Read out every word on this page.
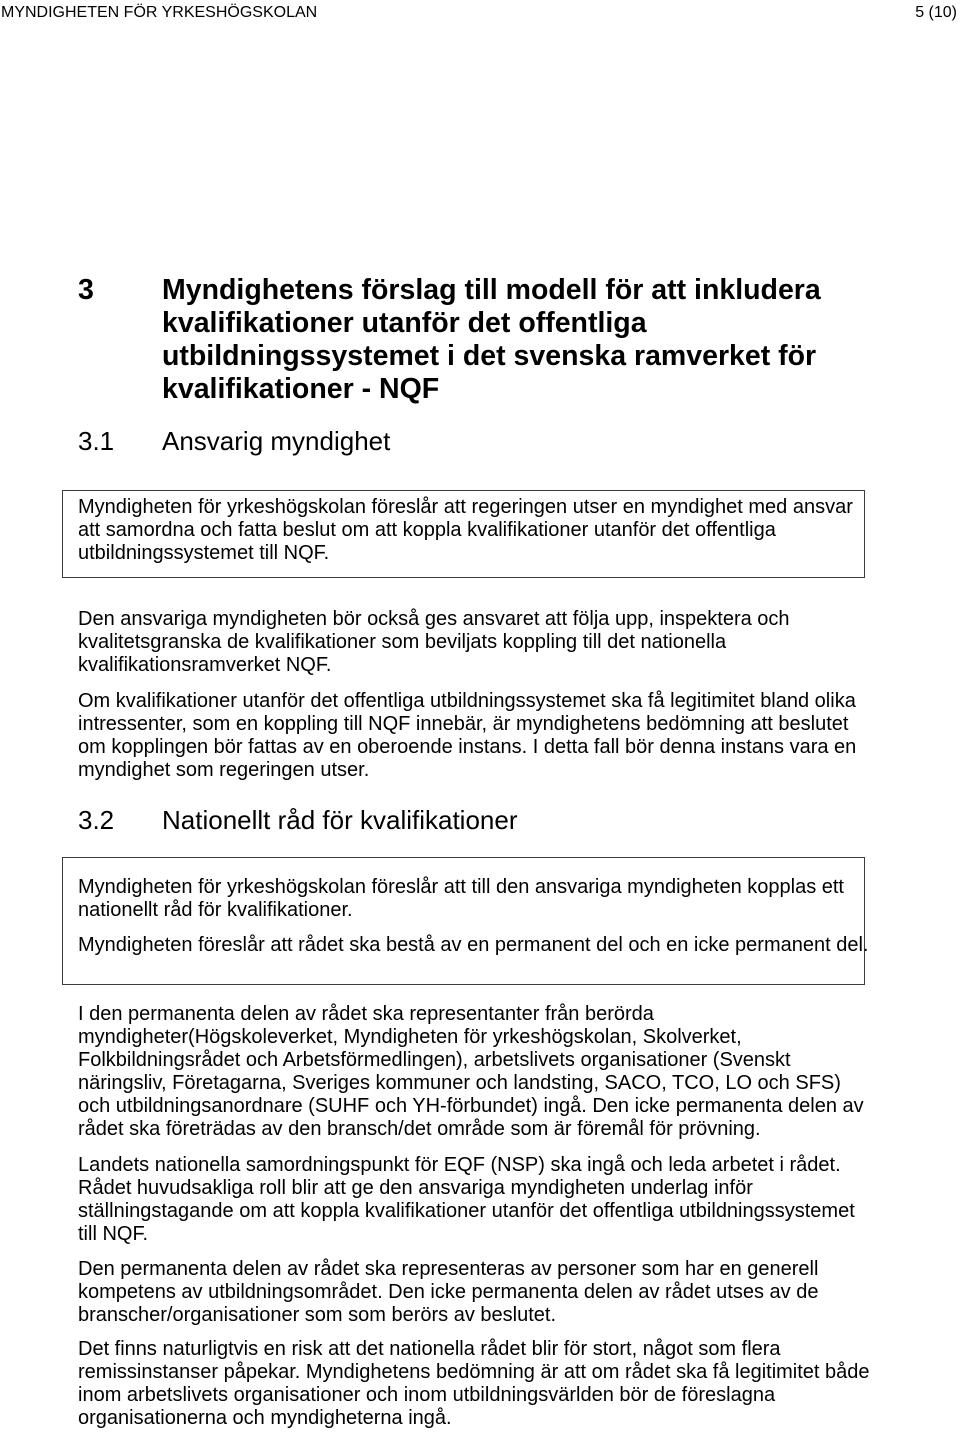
MYNDIGHETEN FÖR YRKESHÖGSKOLAN	5 (10)
3 Myndighetens förslag till modell för att inkludera
kvalifikationer utanför det offentliga
utbildningssystemet i det svenska ramverket för
kvalifikationer - NQF
3.1 Ansvarig myndighet
Myndigheten för yrkeshögskolan föreslår att regeringen utser en myndighet med ansvar
att samordna och fatta beslut om att koppla kvalifikationer utanför det offentliga
utbildningssystemet till NQF.
Den ansvariga myndigheten bör också ges ansvaret att följa upp, inspektera och
kvalitetsgranska de kvalifikationer som beviljats koppling till det nationella
kvalifikationsramverket NQF.
Om kvalifikationer utanför det offentliga utbildningssystemet ska få legitimitet bland olika
intressenter, som en koppling till NQF innebär, är myndighetens bedömning att beslutet
om kopplingen bör fattas av en oberoende instans. I detta fall bör denna instans vara en
myndighet som regeringen utser.
3.2 Nationellt råd för kvalifikationer
Myndigheten för yrkeshögskolan föreslår att till den ansvariga myndigheten kopplas ett
nationellt råd för kvalifikationer.
Myndigheten föreslår att rådet ska bestå av en permanent del och en icke permanent del.
I den permanenta delen av rådet ska representanter från berörda
myndigheter(Högskoleverket, Myndigheten för yrkeshögskolan, Skolverket,
Folkbildningsrådet och Arbetsförmedlingen), arbetslivets organisationer (Svenskt
näringsliv, Företagarna, Sveriges kommuner och landsting, SACO, TCO, LO och SFS)
och utbildningsanordnare (SUHF och YH-förbundet) ingå. Den icke permanenta delen av
rådet ska företrädas av den bransch/det område som är föremål för prövning.
Landets nationella samordningspunkt för EQF (NSP) ska ingå och leda arbetet i rådet.
Rådet huvudsakliga roll blir att ge den ansvariga myndigheten underlag inför
ställningstagande om att koppla kvalifikationer utanför det offentliga utbildningssystemet
till NQF.
Den permanenta delen av rådet ska representeras av personer som har en generell
kompetens av utbildningsområdet. Den icke permanenta delen av rådet utses av de
branscher/organisationer som som berörs av beslutet.
Det finns naturligtvis en risk att det nationella rådet blir för stort, något som flera
remissinstanser påpekar. Myndighetens bedömning är att om rådet ska få legitimitet både
inom arbetslivets organisationer och inom utbildningsvärlden bör de föreslagna
organisationerna och myndigheterna ingå.
